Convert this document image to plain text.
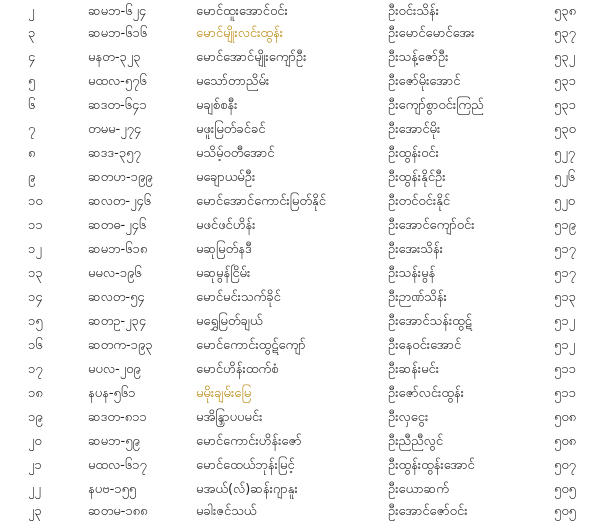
၂	ဆမဘ-၆၂၄	မောင်ထူးအောင်ဝင်း	ဦးဝင်းသိန်း	၅၃၈
၃	ဆမဘ-၆၁၆	မောင်မျိုးလင်းထွန်း	ဦးမောင်မောင်အေး	၅၃၇
၄	မနတ-၃၂၃	မောင်အောင်မျိုးကျော်ဦး	ဦးသန့်ဇော်ဦး	၅၃၂
၅	မထလ-၅၇၆	မသော်တာညိမ်း	ဦးဇော်မိုးအောင်	၅၃၁
၆	ဆဒတ-၆၄၁	မချစ်စနီး	ဦးကျော်စွာဝင်းကြည်	၅၃၁
၇	တမမ-၂၇၄	မဖူးမြတ်ခင်ခင်	ဦးအောင်မိုး	၅၃၀
၈	ဆဒဒ-၃၅၇	မသိမ့်ဝတီအောင်	ဦးထွန်းဝင်း	၅၂၇
၉	ဆတဟ-၁၉၉	မချောယမ်ဦး	ဦးထွန်းနိုင်ဦး	၅၂၆
၁၀	ဆလတ-၂၄၆	မောင်အောင်ကောင်းမြတ်နိုင်	ဦးတင်ဝင်းနိုင်	၅၂၀
၁၁	ဆတဓ-၂၄၆	မဖင်ဖင်ဟိန်း	ဦးအောင်ကျော်ဝင်း	၅၁၉
၁၂	ဆမဘ-၆၁၈	မဆုမြတ်နဒီ	ဦးအေးသိန်း	၅၁၇
၁၃	မမလ-၁၉၆	မဆုမွန်ငြိမ်း	ဦးသန်းမွန်	၅၁၇
၁၄	ဆလတ-၅၄	မောင်မင်းသက်ခိုင်	ဦးဉာဏ်သိန်း	၅၁၃
၁၅	ဆတဥ-၂၃၄	မရွှေမြတ်ချယ်	ဦးအောင်သန်းထွဋ်	၅၁၂
၁၆	ဆတက-၁၉၃	မောင်ကောင်းထွဋ်ကျော်	ဦးနေဝင်းအောင်	၅၁၂
၁၇	မပလ-၂၀၉	မောင်ဟိန်းထက်စံ	ဦးဆန်းမင်း	၅၁၁
၁၈	နပန-၅၆၁	မမိုးချမ်းမြေ	ဦးဇော်လင်းထွန်း	၅၁၁
၁၉	ဆဒတ-၈၁၁	မအိန္ဒြာပပမင်း	ဦးလှငွေး	၅၀၈
၂၀	ဆမဘ-၅၉	မောင်ကောင်းဟိန်းဇော်	ဦးညီညီလွင်	၅၀၈
၂၁	မထလ-၆၁၇	မောင်ထေယ်ဘုန်းမြင့်	ဦးထွန်းထွန်းအောင်	၅၀၇
၂၂	နပဗ-၁၅၅	မအယ်(လ်)ဆန်းဂျာနူး	ဦးယောဆက်	၅၀၅
၂၃	ဆတမ-၁၈၈	မခါးဇင်သယ်	ဦးအောင်ဇော်ဝင်း	၅၀၅
